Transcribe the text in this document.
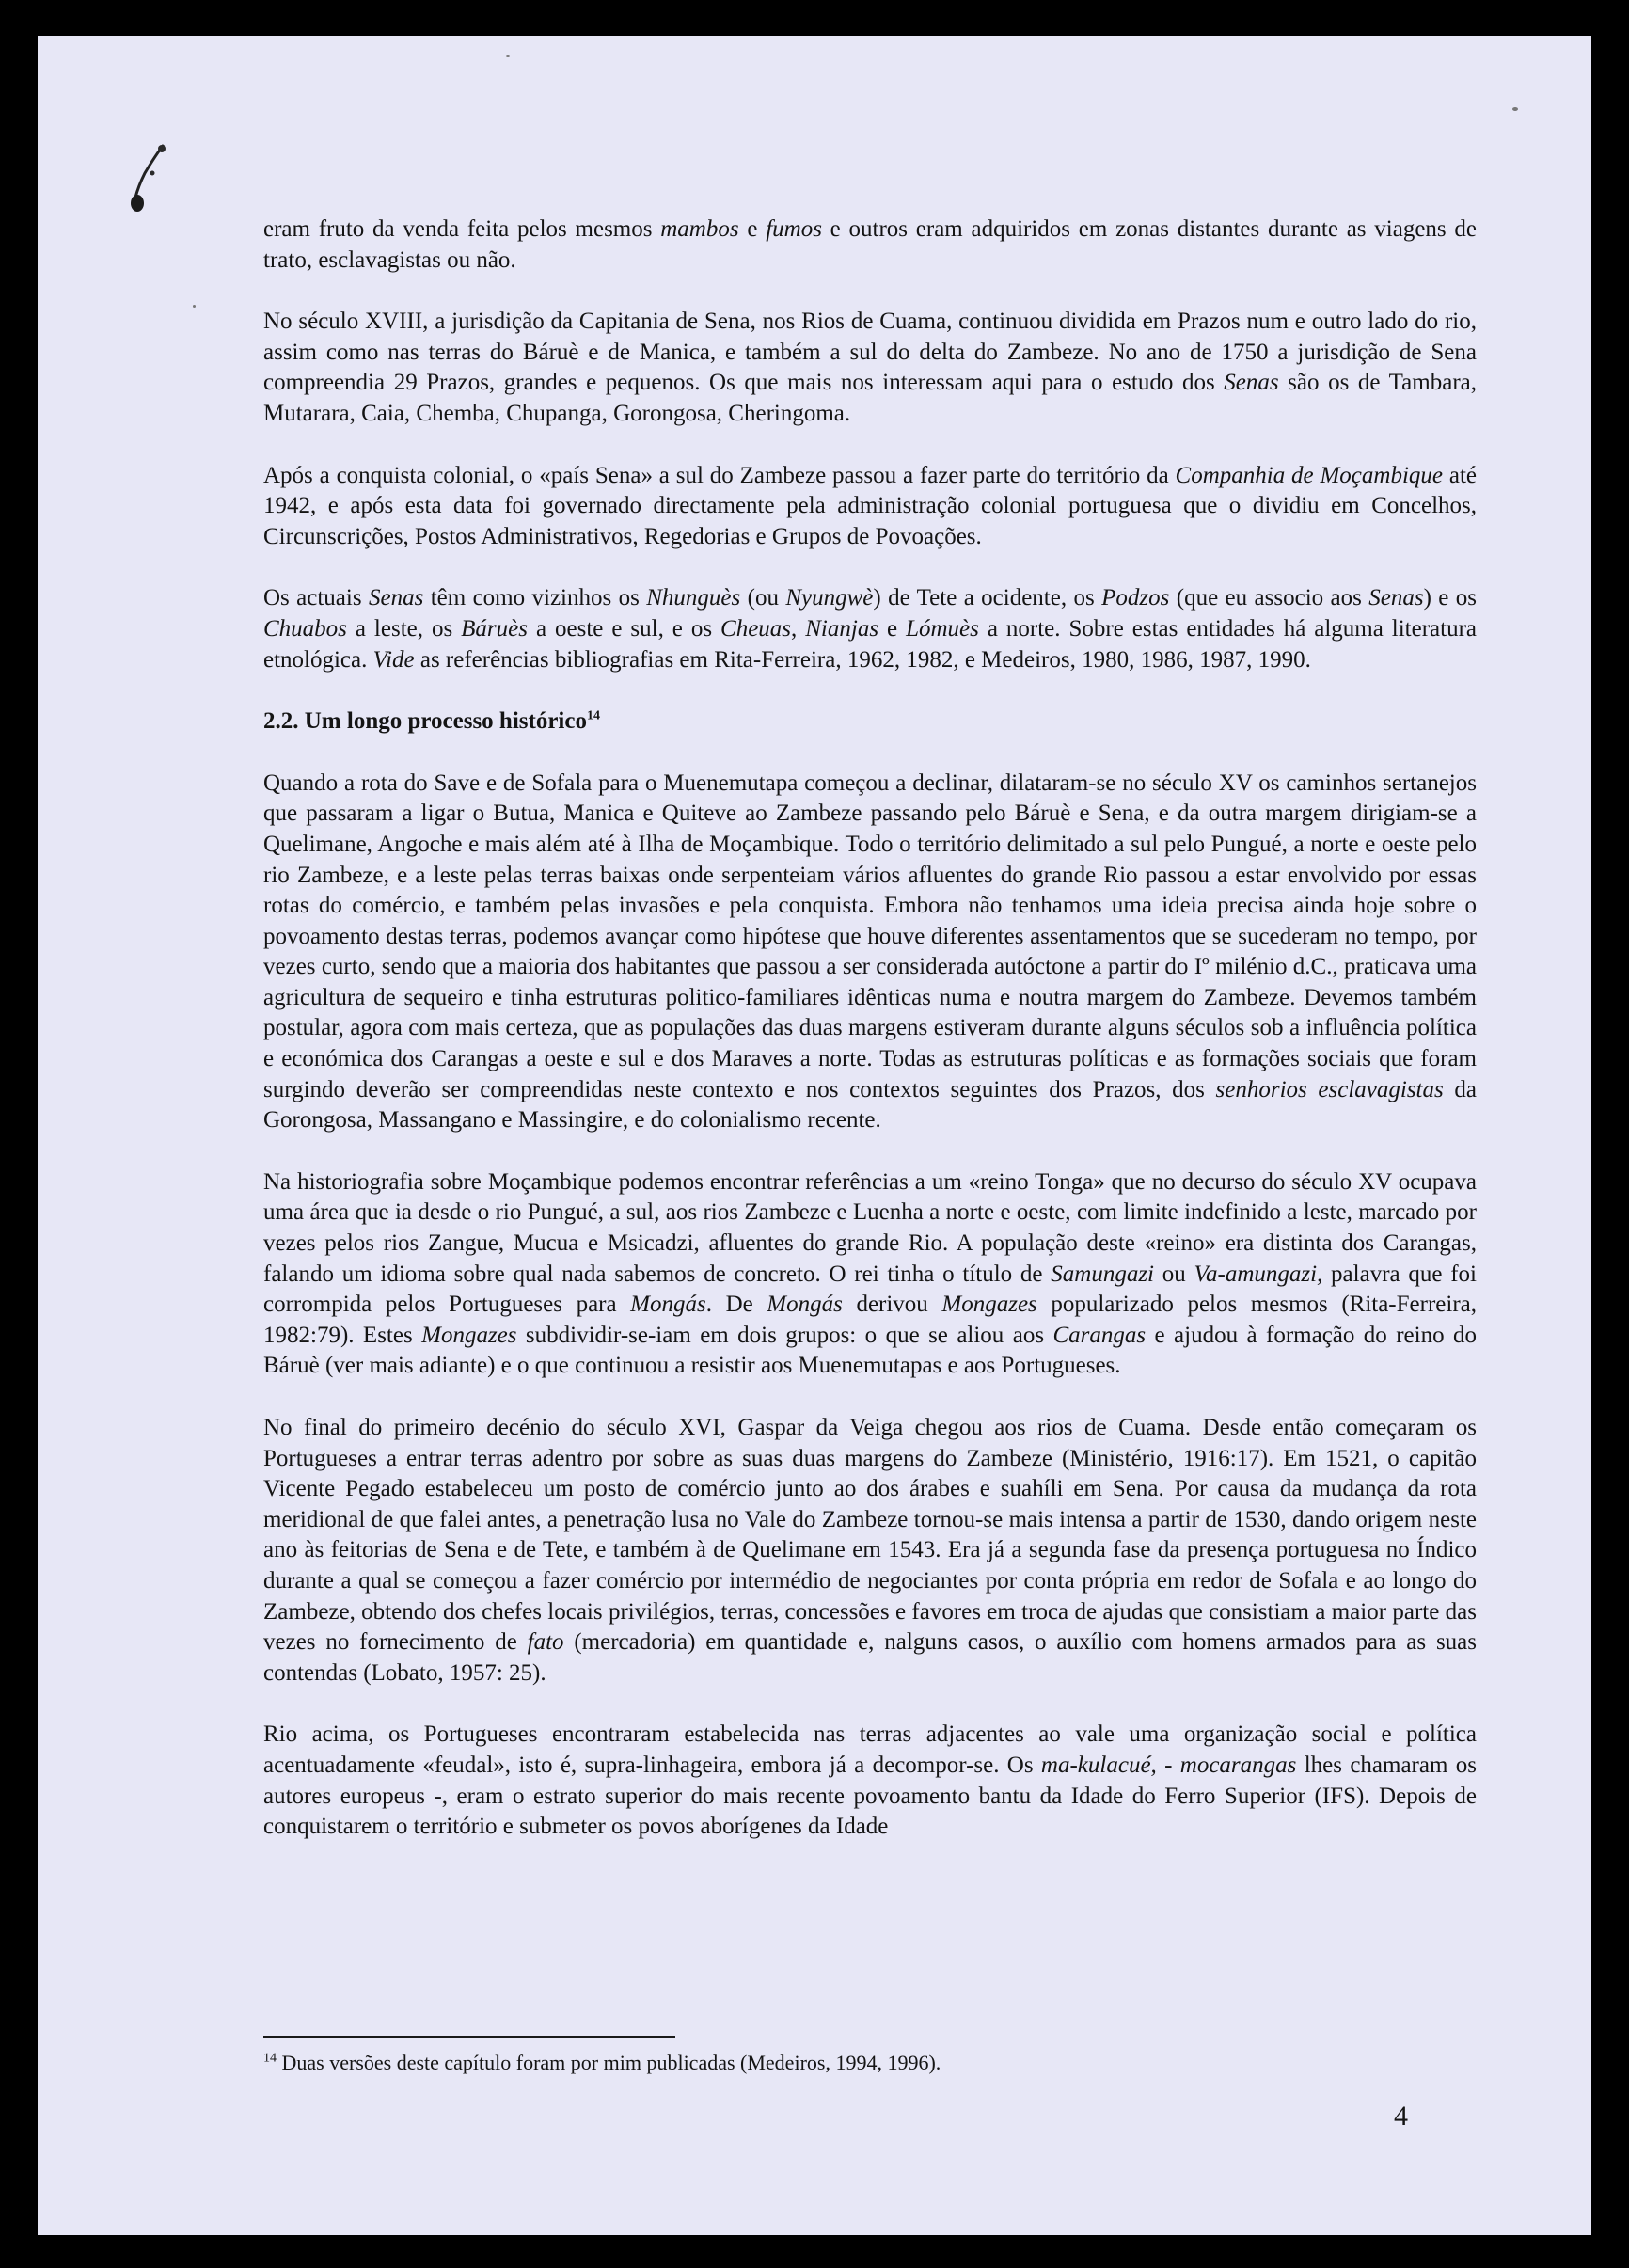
eram fruto da venda feita pelos mesmos mambos e fumos e outros eram adquiridos em zonas distantes durante as viagens de trato, esclavagistas ou não.

No século XVIII, a jurisdição da Capitania de Sena, nos Rios de Cuama, continuou dividida em Prazos num e outro lado do rio, assim como nas terras do Báruè e de Manica, e também a sul do delta do Zambeze. No ano de 1750 a jurisdição de Sena compreendia 29 Prazos, grandes e pequenos. Os que mais nos interessam aqui para o estudo dos Senas são os de Tambara, Mutarara, Caia, Chemba, Chupanga, Gorongosa, Cheringoma.

Após a conquista colonial, o «país Sena» a sul do Zambeze passou a fazer parte do território da Companhia de Moçambique até 1942, e após esta data foi governado directamente pela administração colonial portuguesa que o dividiu em Concelhos, Circunscrições, Postos Administrativos, Regedorias e Grupos de Povoações.

Os actuais Senas têm como vizinhos os Nhunguès (ou Nyungwè) de Tete a ocidente, os Podzos (que eu associo aos Senas) e os Chuabos a leste, os Báruès a oeste e sul, e os Cheuas, Nianjas e Lómuès a norte. Sobre estas entidades há alguma literatura etnológica. Vide as referências bibliografias em Rita-Ferreira, 1962, 1982, e Medeiros, 1980, 1986, 1987, 1990.

2.2. Um longo processo histórico$^{14}$

Quando a rota do Save e de Sofala para o Muenemutapa começou a declinar, dilataram-se no século XV os caminhos sertanejos que passaram a ligar o Butua, Manica e Quiteve ao Zambeze passando pelo Báruè e Sena, e da outra margem dirigiam-se a Quelimane, Angoche e mais além até à Ilha de Moçambique. Todo o território delimitado a sul pelo Pungué, a norte e oeste pelo rio Zambeze, e a leste pelas terras baixas onde serpenteiam vários afluentes do grande Rio passou a estar envolvido por essas rotas do comércio, e também pelas invasões e pela conquista. Embora não tenhamos uma ideia precisa ainda hoje sobre o povoamento destas terras, podemos avançar como hipótese que houve diferentes assentamentos que se sucederam no tempo, por vezes curto, sendo que a maioria dos habitantes que passou a ser considerada autóctone a partir do Iº milénio d.C., praticava uma agricultura de sequeiro e tinha estruturas politico-familiares idênticas numa e noutra margem do Zambeze. Devemos também postular, agora com mais certeza, que as populações das duas margens estiveram durante alguns séculos sob a influência política e económica dos Carangas a oeste e sul e dos Maraves a norte. Todas as estruturas políticas e as formações sociais que foram surgindo deverão ser compreendidas neste contexto e nos contextos seguintes dos Prazos, dos senhorios esclavagistas da Gorongosa, Massangano e Massingire, e do colonialismo recente.

Na historiografia sobre Moçambique podemos encontrar referências a um «reino Tonga» que no decurso do século XV ocupava uma área que ia desde o rio Pungué, a sul, aos rios Zambeze e Luenha a norte e oeste, com limite indefinido a leste, marcado por vezes pelos rios Zangue, Mucua e Msicadzi, afluentes do grande Rio. A população deste «reino» era distinta dos Carangas, falando um idioma sobre qual nada sabemos de concreto. O rei tinha o título de Samungazi ou Va-amungazi, palavra que foi corrompida pelos Portugueses para Mongás. De Mongás derivou Mongazes popularizado pelos mesmos (Rita-Ferreira, 1982:79). Estes Mongazes subdividir-se-iam em dois grupos: o que se aliou aos Carangas e ajudou à formação do reino do Báruè (ver mais adiante) e o que continuou a resistir aos Muenemutapas e aos Portugueses.

No final do primeiro decénio do século XVI, Gaspar da Veiga chegou aos rios de Cuama. Desde então começaram os Portugueses a entrar terras adentro por sobre as suas duas margens do Zambeze (Ministério, 1916:17). Em 1521, o capitão Vicente Pegado estabeleceu um posto de comércio junto ao dos árabes e suahíli em Sena. Por causa da mudança da rota meridional de que falei antes, a penetração lusa no Vale do Zambeze tornou-se mais intensa a partir de 1530, dando origem neste ano às feitorias de Sena e de Tete, e também à de Quelimane em 1543. Era já a segunda fase da presença portuguesa no Índico durante a qual se começou a fazer comércio por intermédio de negociantes por conta própria em redor de Sofala e ao longo do Zambeze, obtendo dos chefes locais privilégios, terras, concessões e favores em troca de ajudas que consistiam a maior parte das vezes no fornecimento de fato (mercadoria) em quantidade e, nalguns casos, o auxílio com homens armados para as suas contendas (Lobato, 1957: 25).

Rio acima, os Portugueses encontraram estabelecida nas terras adjacentes ao vale uma organização social e política acentuadamente «feudal», isto é, supra-linhageira, embora já a decompor-se. Os ma-kulacué, - mocarangas lhes chamaram os autores europeus -, eram o estrato superior do mais recente povoamento bantu da Idade do Ferro Superior (IFS). Depois de conquistarem o território e submeter os povos aborígenes da Idade

$^{14}$ Duas versões deste capítulo foram por mim publicadas (Medeiros, 1994, 1996).
4
